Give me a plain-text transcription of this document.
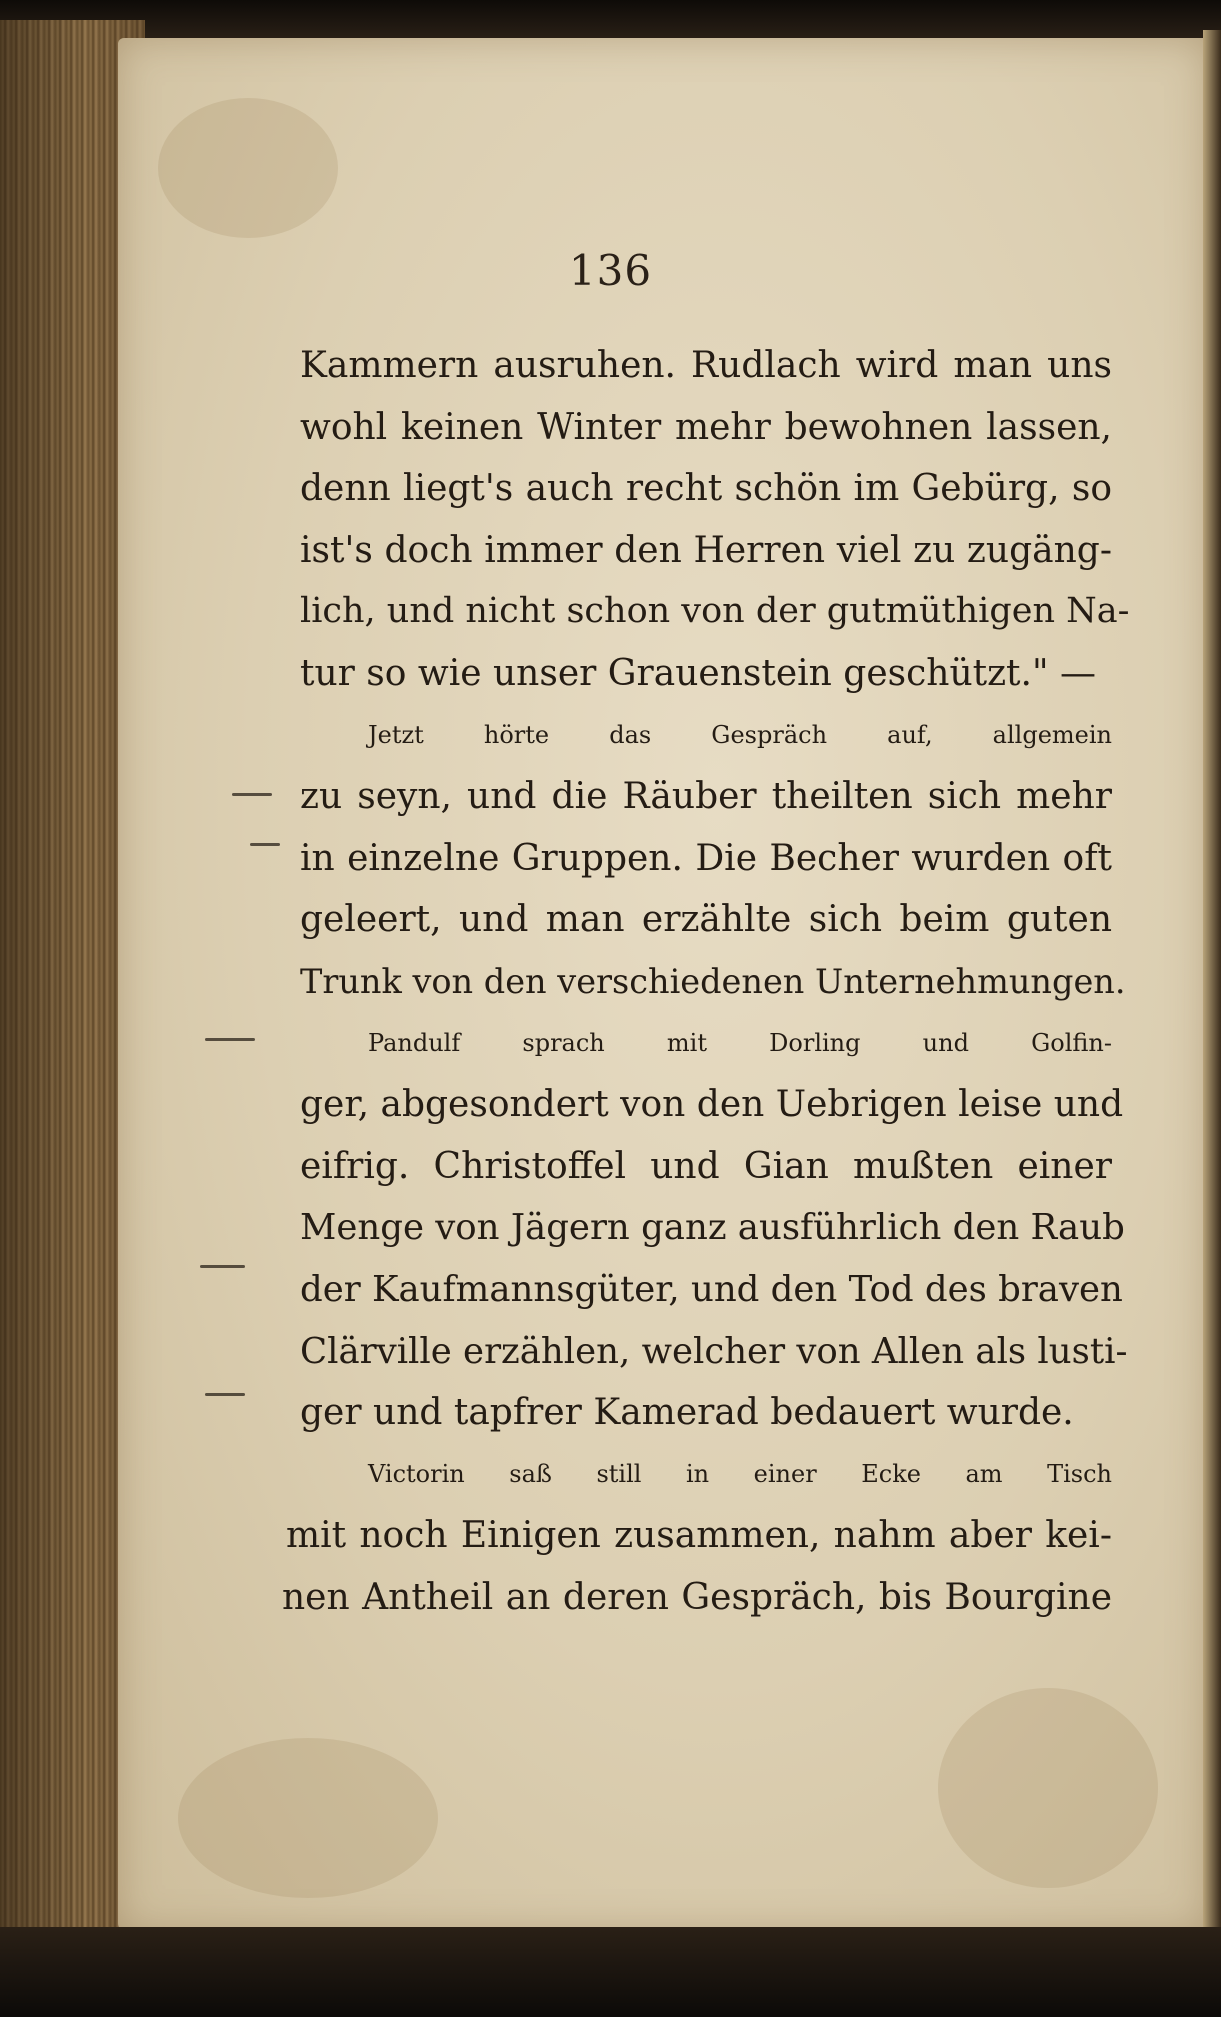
136
Kammern ausruhen. Rudlach wird man uns
wohl keinen Winter mehr bewohnen lassen,
denn liegt's auch recht schön im Gebürg, so
ist's doch immer den Herren viel zu zugäng-
lich, und nicht schon von der gutmüthigen Na-
tur so wie unser Grauenstein geschützt." —
Jetzt hörte das Gespräch auf, allgemein
zu seyn, und die Räuber theilten sich mehr
in einzelne Gruppen. Die Becher wurden oft
geleert, und man erzählte sich beim guten
Trunk von den verschiedenen Unternehmungen.
Pandulf sprach mit Dorling und Golfin-
ger, abgesondert von den Uebrigen leise und
eifrig. Christoffel und Gian mußten einer
Menge von Jägern ganz ausführlich den Raub
der Kaufmannsgüter, und den Tod des braven
Clärville erzählen, welcher von Allen als lusti-
ger und tapfrer Kamerad bedauert wurde.
Victorin saß still in einer Ecke am Tisch
mit noch Einigen zusammen, nahm aber kei-
nen Antheil an deren Gespräch, bis Bourgine
